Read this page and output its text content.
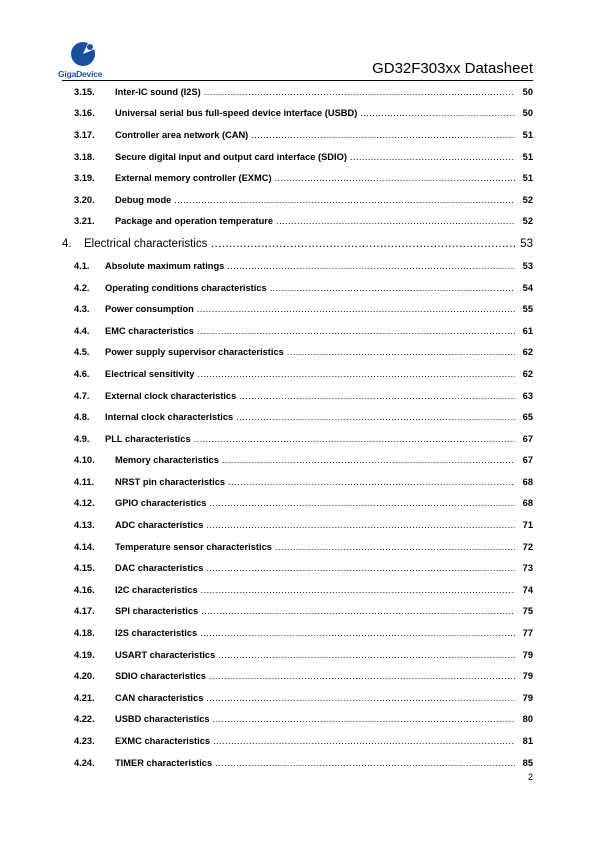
GigaDevice	GD32F303xx Datasheet
3.15. Inter-IC sound (I2S) .....	50
3.16. Universal serial bus full-speed device interface (USBD) .....	50
3.17. Controller area network (CAN) .....	51
3.18. Secure digital input and output card interface (SDIO) .....	51
3.19. External memory controller (EXMC) .....	51
3.20. Debug mode .....	52
3.21. Package and operation temperature .....	52
4. Electrical characteristics .....	53
4.1. Absolute maximum ratings .....	53
4.2. Operating conditions characteristics .....	54
4.3. Power consumption .....	55
4.4. EMC characteristics .....	61
4.5. Power supply supervisor characteristics .....	62
4.6. Electrical sensitivity .....	62
4.7. External clock characteristics .....	63
4.8. Internal clock characteristics .....	65
4.9. PLL characteristics .....	67
4.10. Memory characteristics .....	67
4.11. NRST pin characteristics .....	68
4.12. GPIO characteristics .....	68
4.13. ADC characteristics .....	71
4.14. Temperature sensor characteristics .....	72
4.15. DAC characteristics .....	73
4.16. I2C characteristics .....	74
4.17. SPI characteristics .....	75
4.18. I2S characteristics .....	77
4.19. USART characteristics .....	79
4.20. SDIO characteristics .....	79
4.21. CAN characteristics .....	79
4.22. USBD characteristics .....	80
4.23. EXMC characteristics .....	81
4.24. TIMER characteristics .....	85
2
